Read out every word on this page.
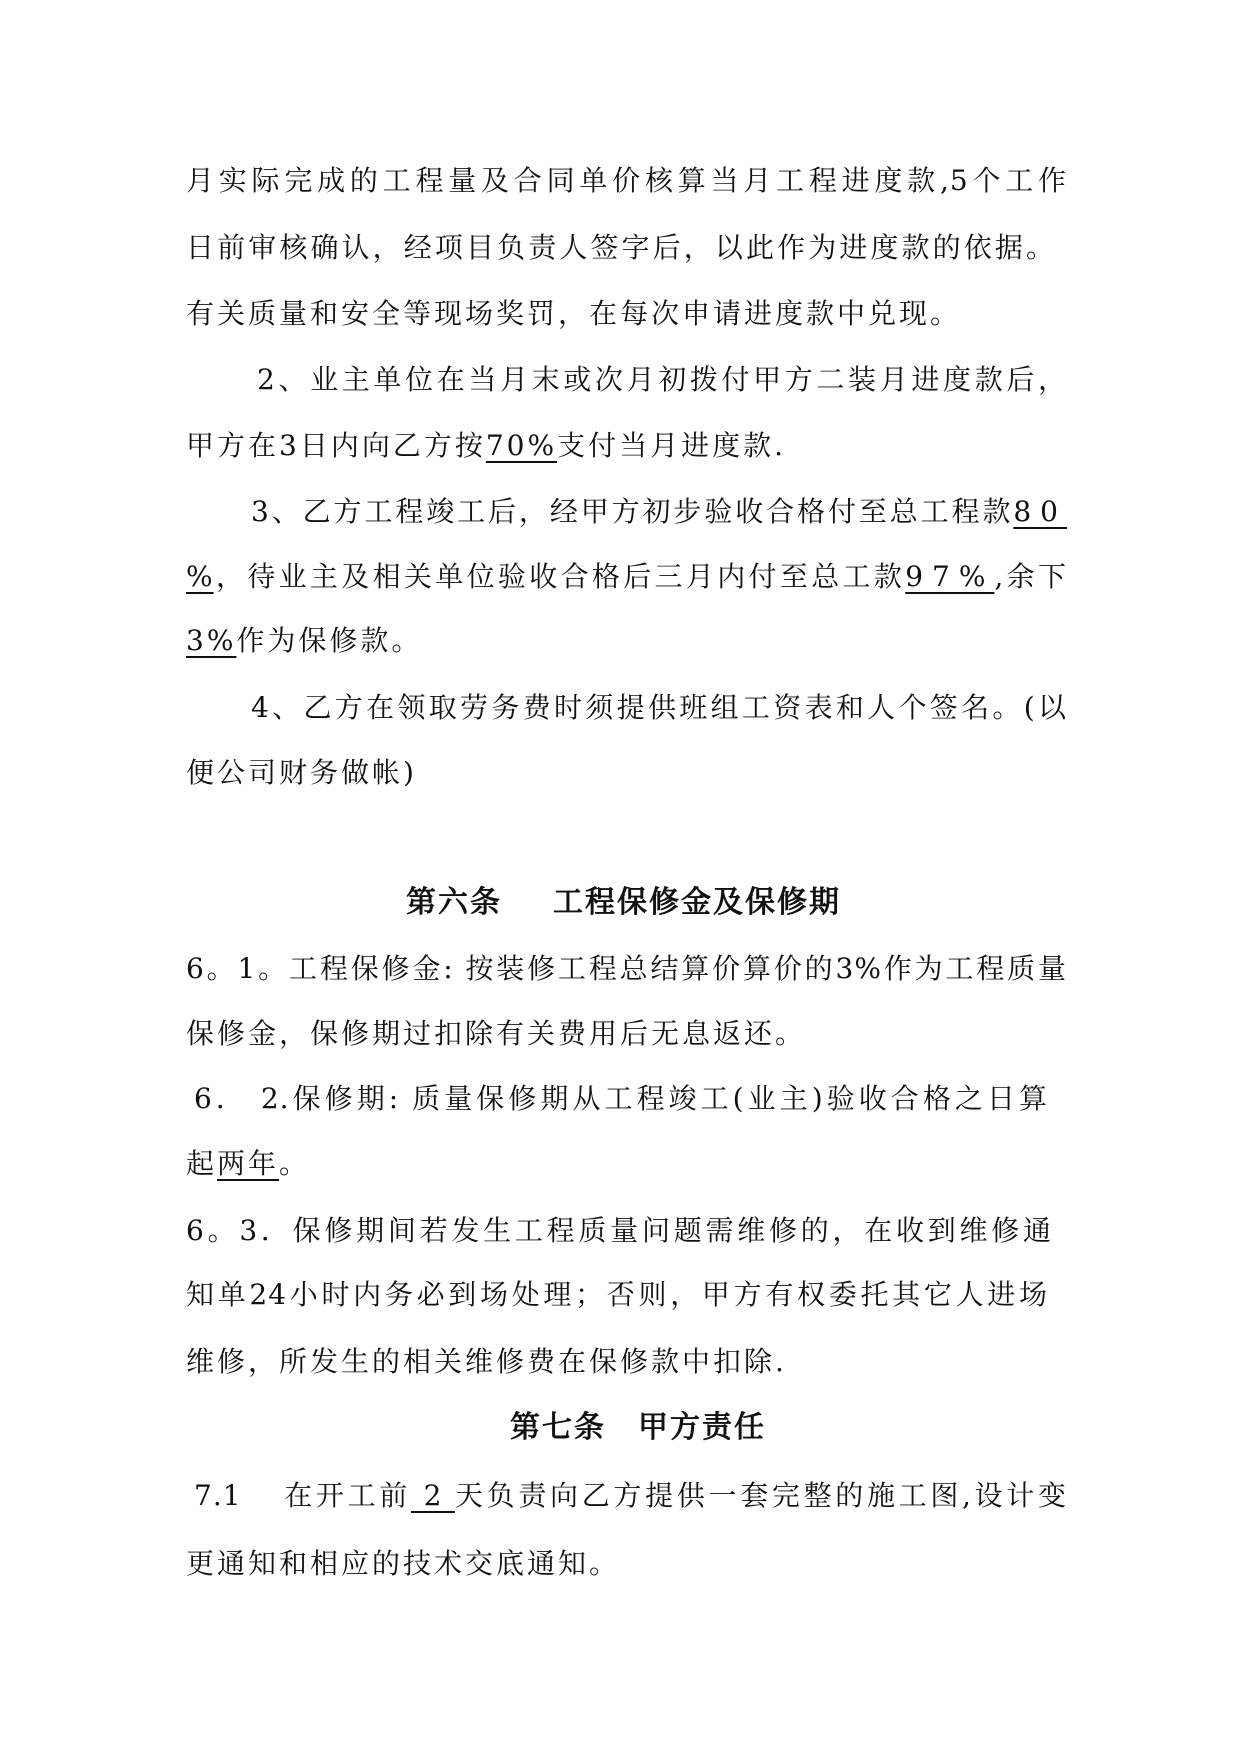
月实际完成的工程量及合同单价核算当月工程进度款,5个工作
日前审核确认，经项目负责人签字后，以此作为进度款的依据。
有关质量和安全等现场奖罚，在每次申请进度款中兑现。
2、业主单位在当月末或次月初拨付甲方二装月进度款后，
甲方在3日内向乙方按70%支付当月进度款.
3、乙方工程竣工后，经甲方初步验收合格付至总工程款80
%，待业主及相关单位验收合格后三月内付至总工款97%,余下
3%作为保修款。
4、乙方在领取劳务费时须提供班组工资表和人个签名。(以
便公司财务做帐)
第六条 工程保修金及保修期
6。1。工程保修金: 按装修工程总结算价算价的3%作为工程质量
保修金，保修期过扣除有关费用后无息返还。
6． 2.保修期: 质量保修期从工程竣工(业主)验收合格之日算
起两年。
6。3．保修期间若发生工程质量问题需维修的，在收到维修通
知单24小时内务必到场处理；否则，甲方有权委托其它人进场
维修，所发生的相关维修费在保修款中扣除.
第七条 甲方责任
7.1 在开工前 2 天负责向乙方提供一套完整的施工图,设计变
更通知和相应的技术交底通知。
